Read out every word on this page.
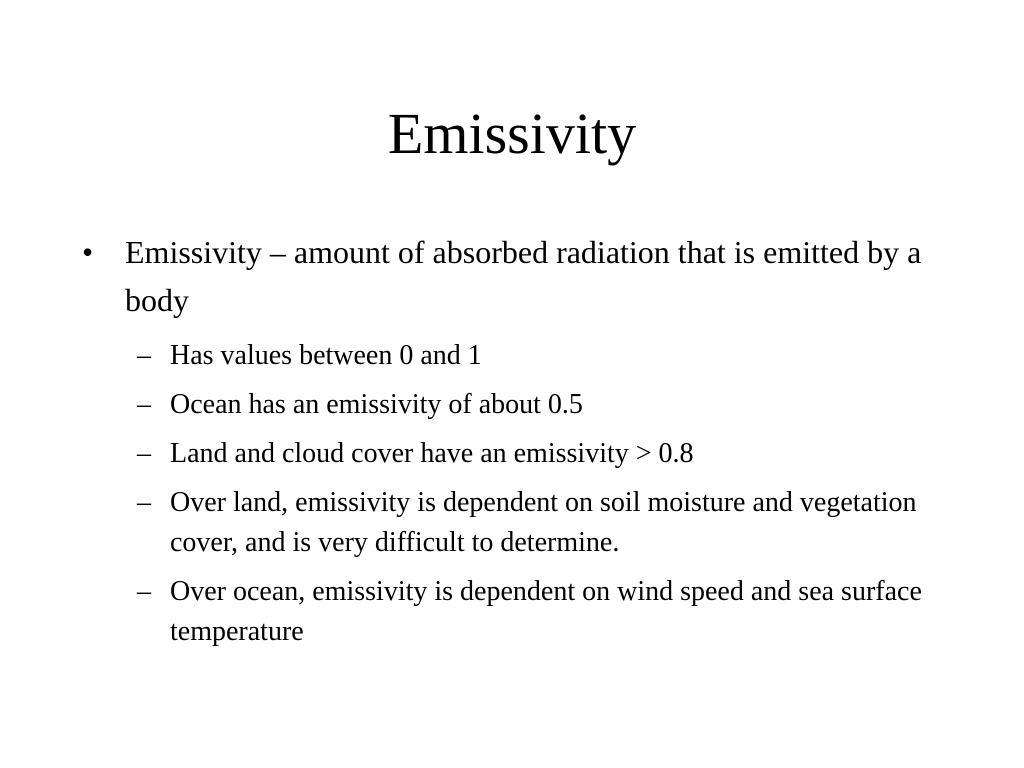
Emissivity
• Emissivity – amount of absorbed radiation that is emitted by a body
– Has values between 0 and 1
– Ocean has an emissivity of about 0.5
– Land and cloud cover have an emissivity > 0.8
– Over land, emissivity is dependent on soil moisture and vegetation cover, and is very difficult to determine.
– Over ocean, emissivity is dependent on wind speed and sea surface temperature
